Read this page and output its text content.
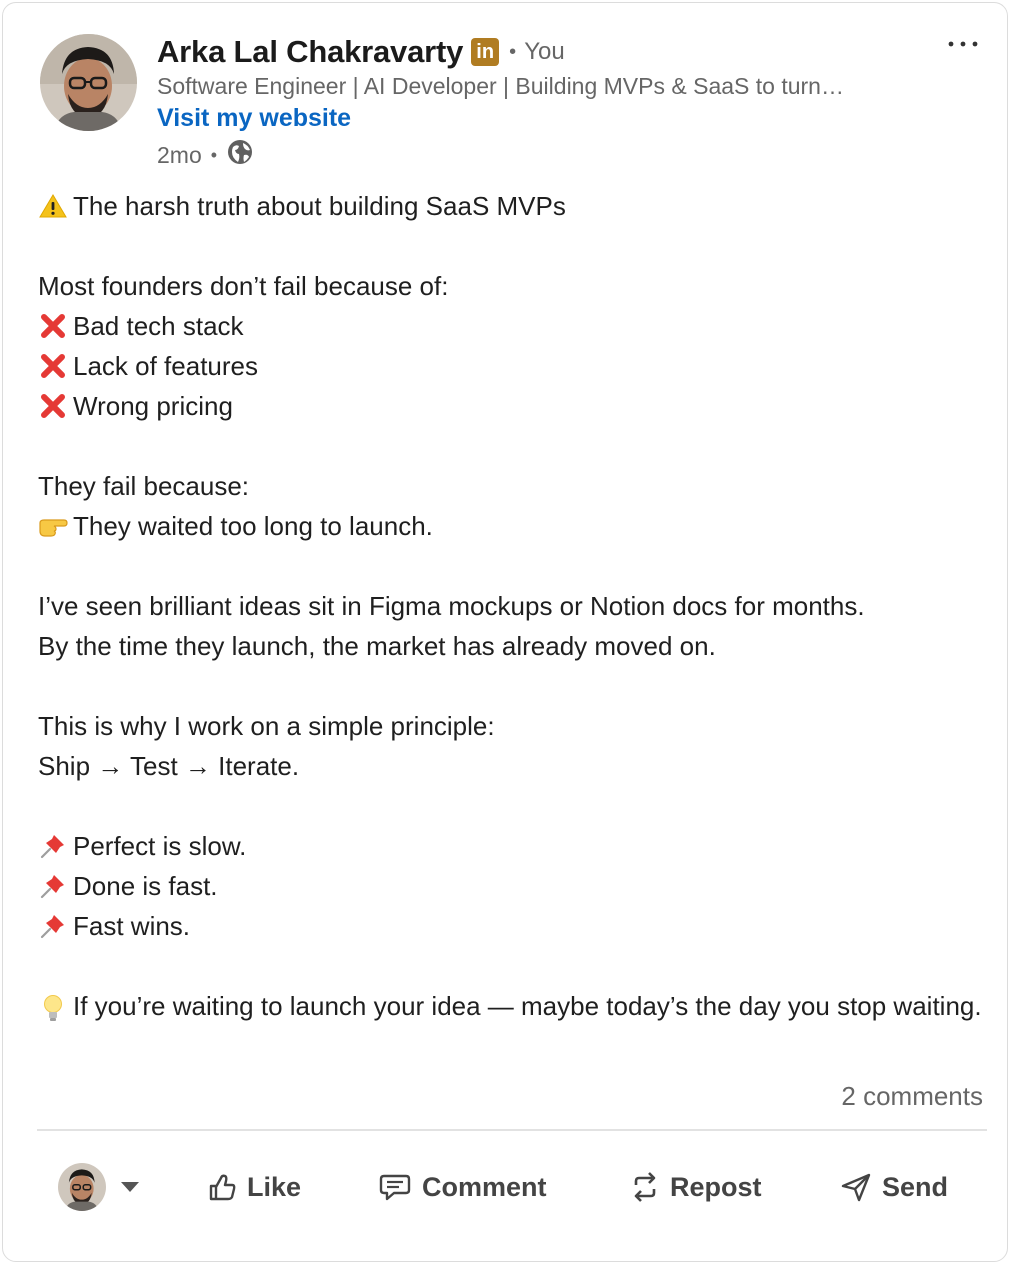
Arka Lal Chakravarty in • You
Software Engineer | AI Developer | Building MVPs & SaaS to turn…
Visit my website
2mo •
The harsh truth about building SaaS MVPs
Most founders don’t fail because of:
Bad tech stack
Lack of features
Wrong pricing
They fail because:
They waited too long to launch.
I’ve seen brilliant ideas sit in Figma mockups or Notion docs for months.
By the time they launch, the market has already moved on.
This is why I work on a simple principle:
Ship → Test → Iterate.
Perfect is slow.
Done is fast.
Fast wins.
If you’re waiting to launch your idea — maybe today’s the day you stop waiting.
2 comments
Like	Comment	Repost	Send
